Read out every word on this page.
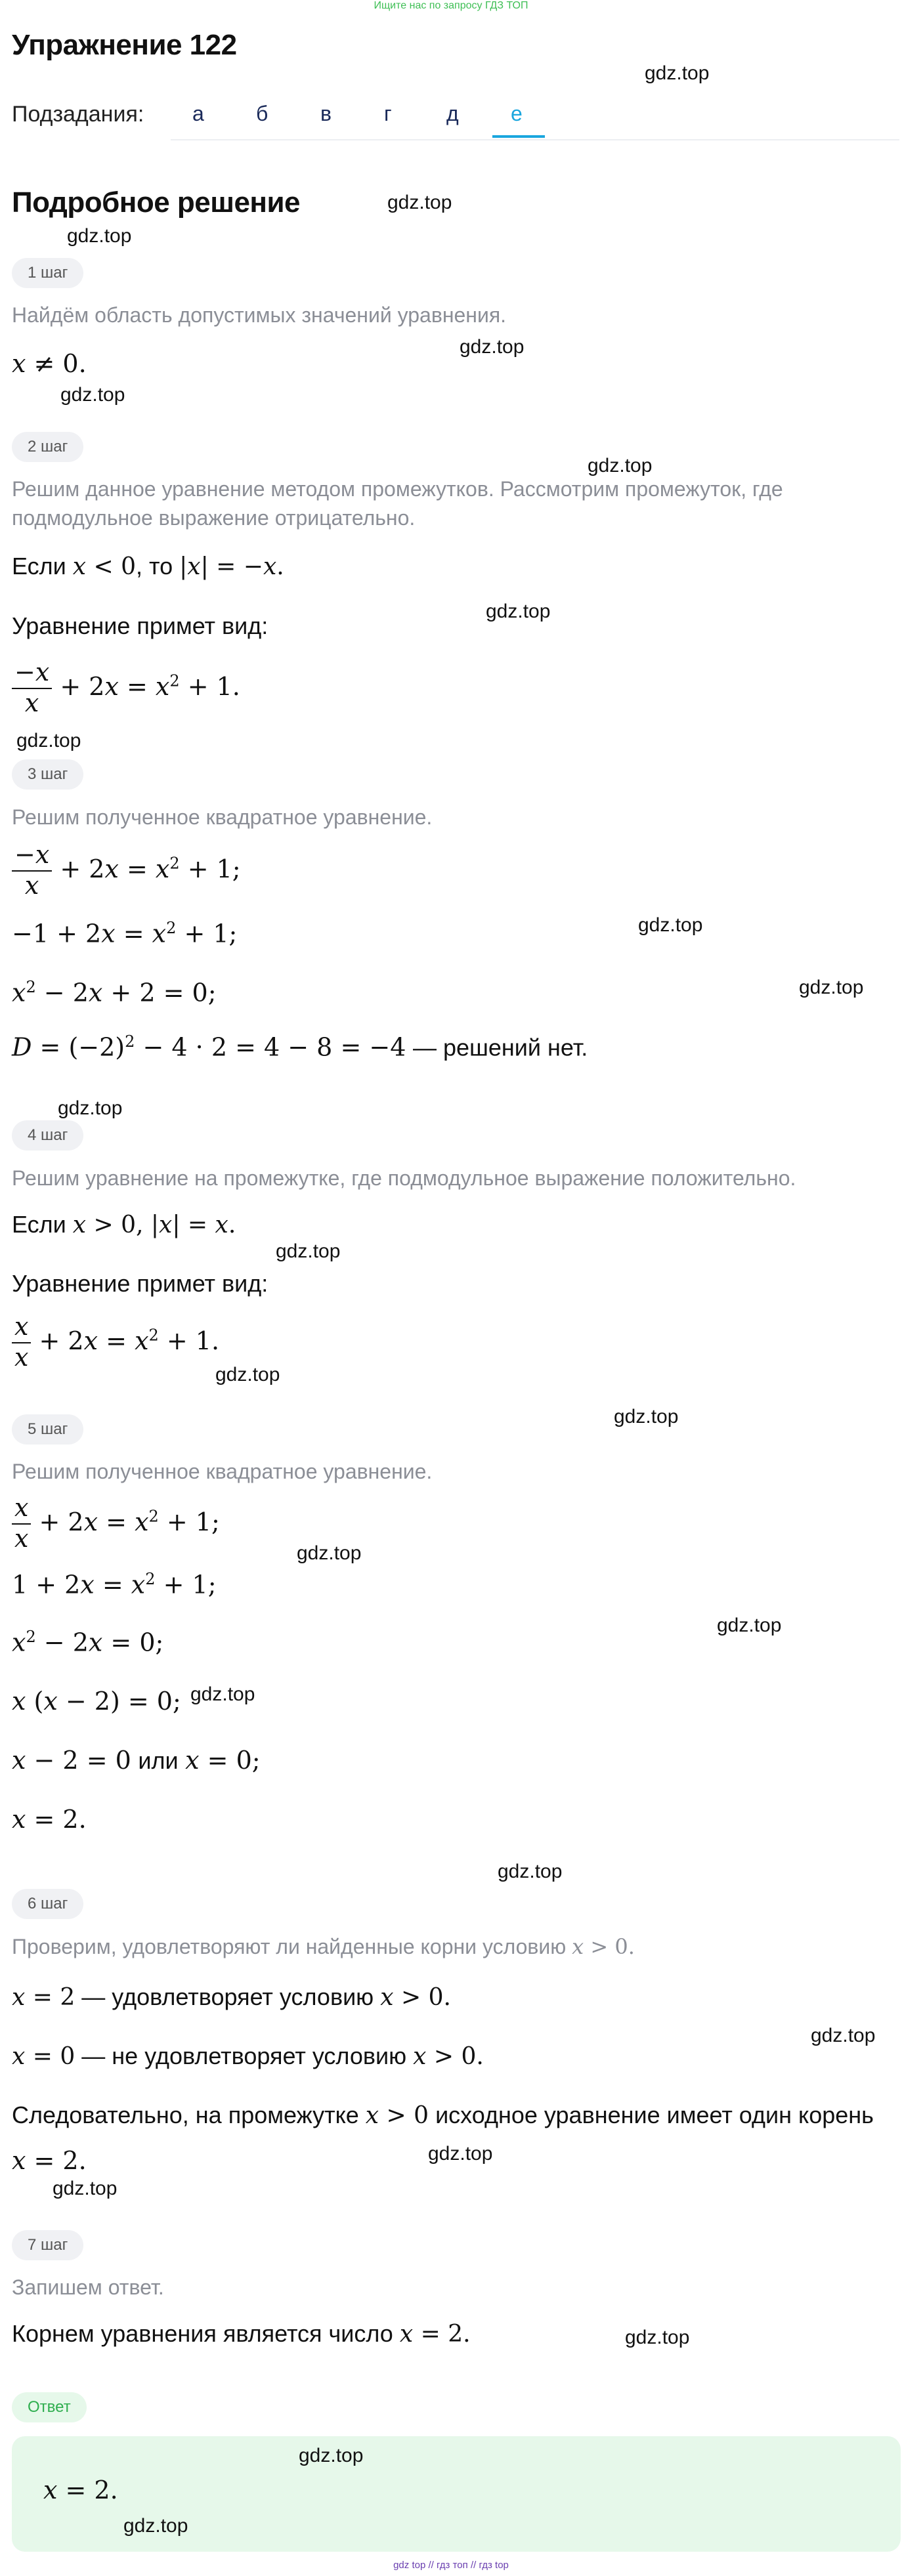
Ищите нас по запросу ГДЗ ТОП
Упражнение 122
Подзадания: а б в	г	д е
Подробное решение
1 шаг
Найдём область допустимых значений уравнения.
x ≠ 0.
2 шаг
Решим данное уравнение методом промежутков. Рассмотрим промежуток, где
подмодульное выражение отрицательно.
Если x < 0, то |x| = −x.
Уравнение примет вид:
$\frac{-x}{x} + 2x = x^2 + 1$.
3 шаг
Решим полученное квадратное уравнение.
$\frac{-x}{x} + 2x = x^2 + 1$;
$-1 + 2x = x^2 + 1$;
$x^2 - 2x + 2 = 0$;
$D = (-2)^2 - 4 \cdot 2 = 4 - 8 = -4$ — решений нет.
4 шаг
Решим уравнение на промежутке, где подмодульное выражение положительно.
Если x > 0, |x| = x.
Уравнение примет вид:
$\frac{x}{x} + 2x = x^2 + 1$.
5 шаг
Решим полученное квадратное уравнение.
$\frac{x}{x} + 2x = x^2 + 1$;
$1 + 2x = x^2 + 1$;
$x^2 - 2x = 0$;
x (x − 2) = 0;
x − 2 = 0 или x = 0;
x = 2.
6 шаг
Проверим, удовлетворяют ли найденные корни условию x > 0.
x = 2 — удовлетворяет условию x > 0.
x = 0 — не удовлетворяет условию x > 0.
Следовательно, на промежутке x > 0 исходное уравнение имеет один корень
x = 2.
7 шаг
Запишем ответ.
Корнем уравнения является число x = 2.
Ответ
x = 2.
gdz.top
gdz.top
gdz.top
gdz.top
gdz.top
gdz.top
gdz.top
gdz.top
gdz.top
gdz.top
gdz.top
gdz.top
gdz.top
gdz.top
gdz.top
gdz.top
gdz.top
gdz.top
gdz.top
gdz.top
gdz.top
gdz.top
gdz.top
gdz.top
gdz top // гдз топ // гдз top
